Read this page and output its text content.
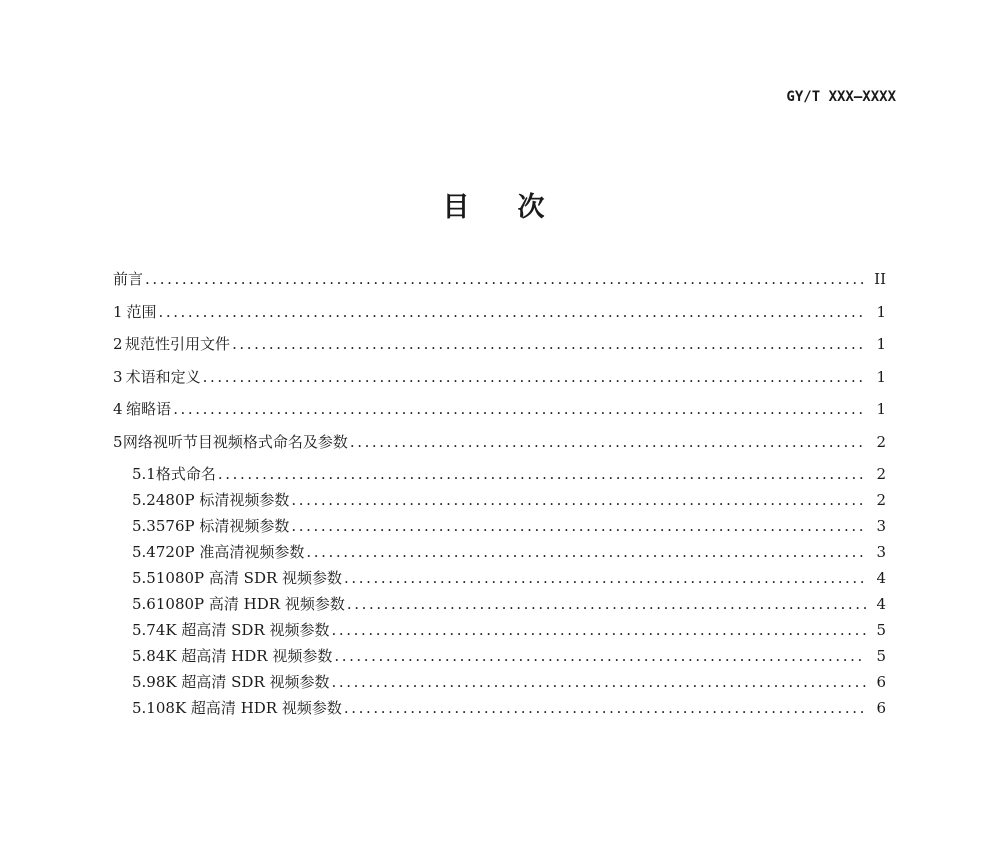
GY/T XXX—XXXX
目 次
前言 .....	II
1 范围 .....	1
2 规范性引用文件 .....	1
3 术语和定义 .....	1
4 缩略语 .....	1
5 网络视听节目视频格式命名及参数 .....	2
5.1 格式命名 .....	2
5.2 480P 标清视频参数 .....	2
5.3 576P 标清视频参数 .....	3
5.4 720P 准高清视频参数 .....	3
5.5 1080P 高清 SDR 视频参数 .....	4
5.6 1080P 高清 HDR 视频参数 .....	4
5.7 4K 超高清 SDR 视频参数 .....	5
5.8 4K 超高清 HDR 视频参数 .....	5
5.9 8K 超高清 SDR 视频参数 .....	6
5.10 8K 超高清 HDR 视频参数 .....	6
